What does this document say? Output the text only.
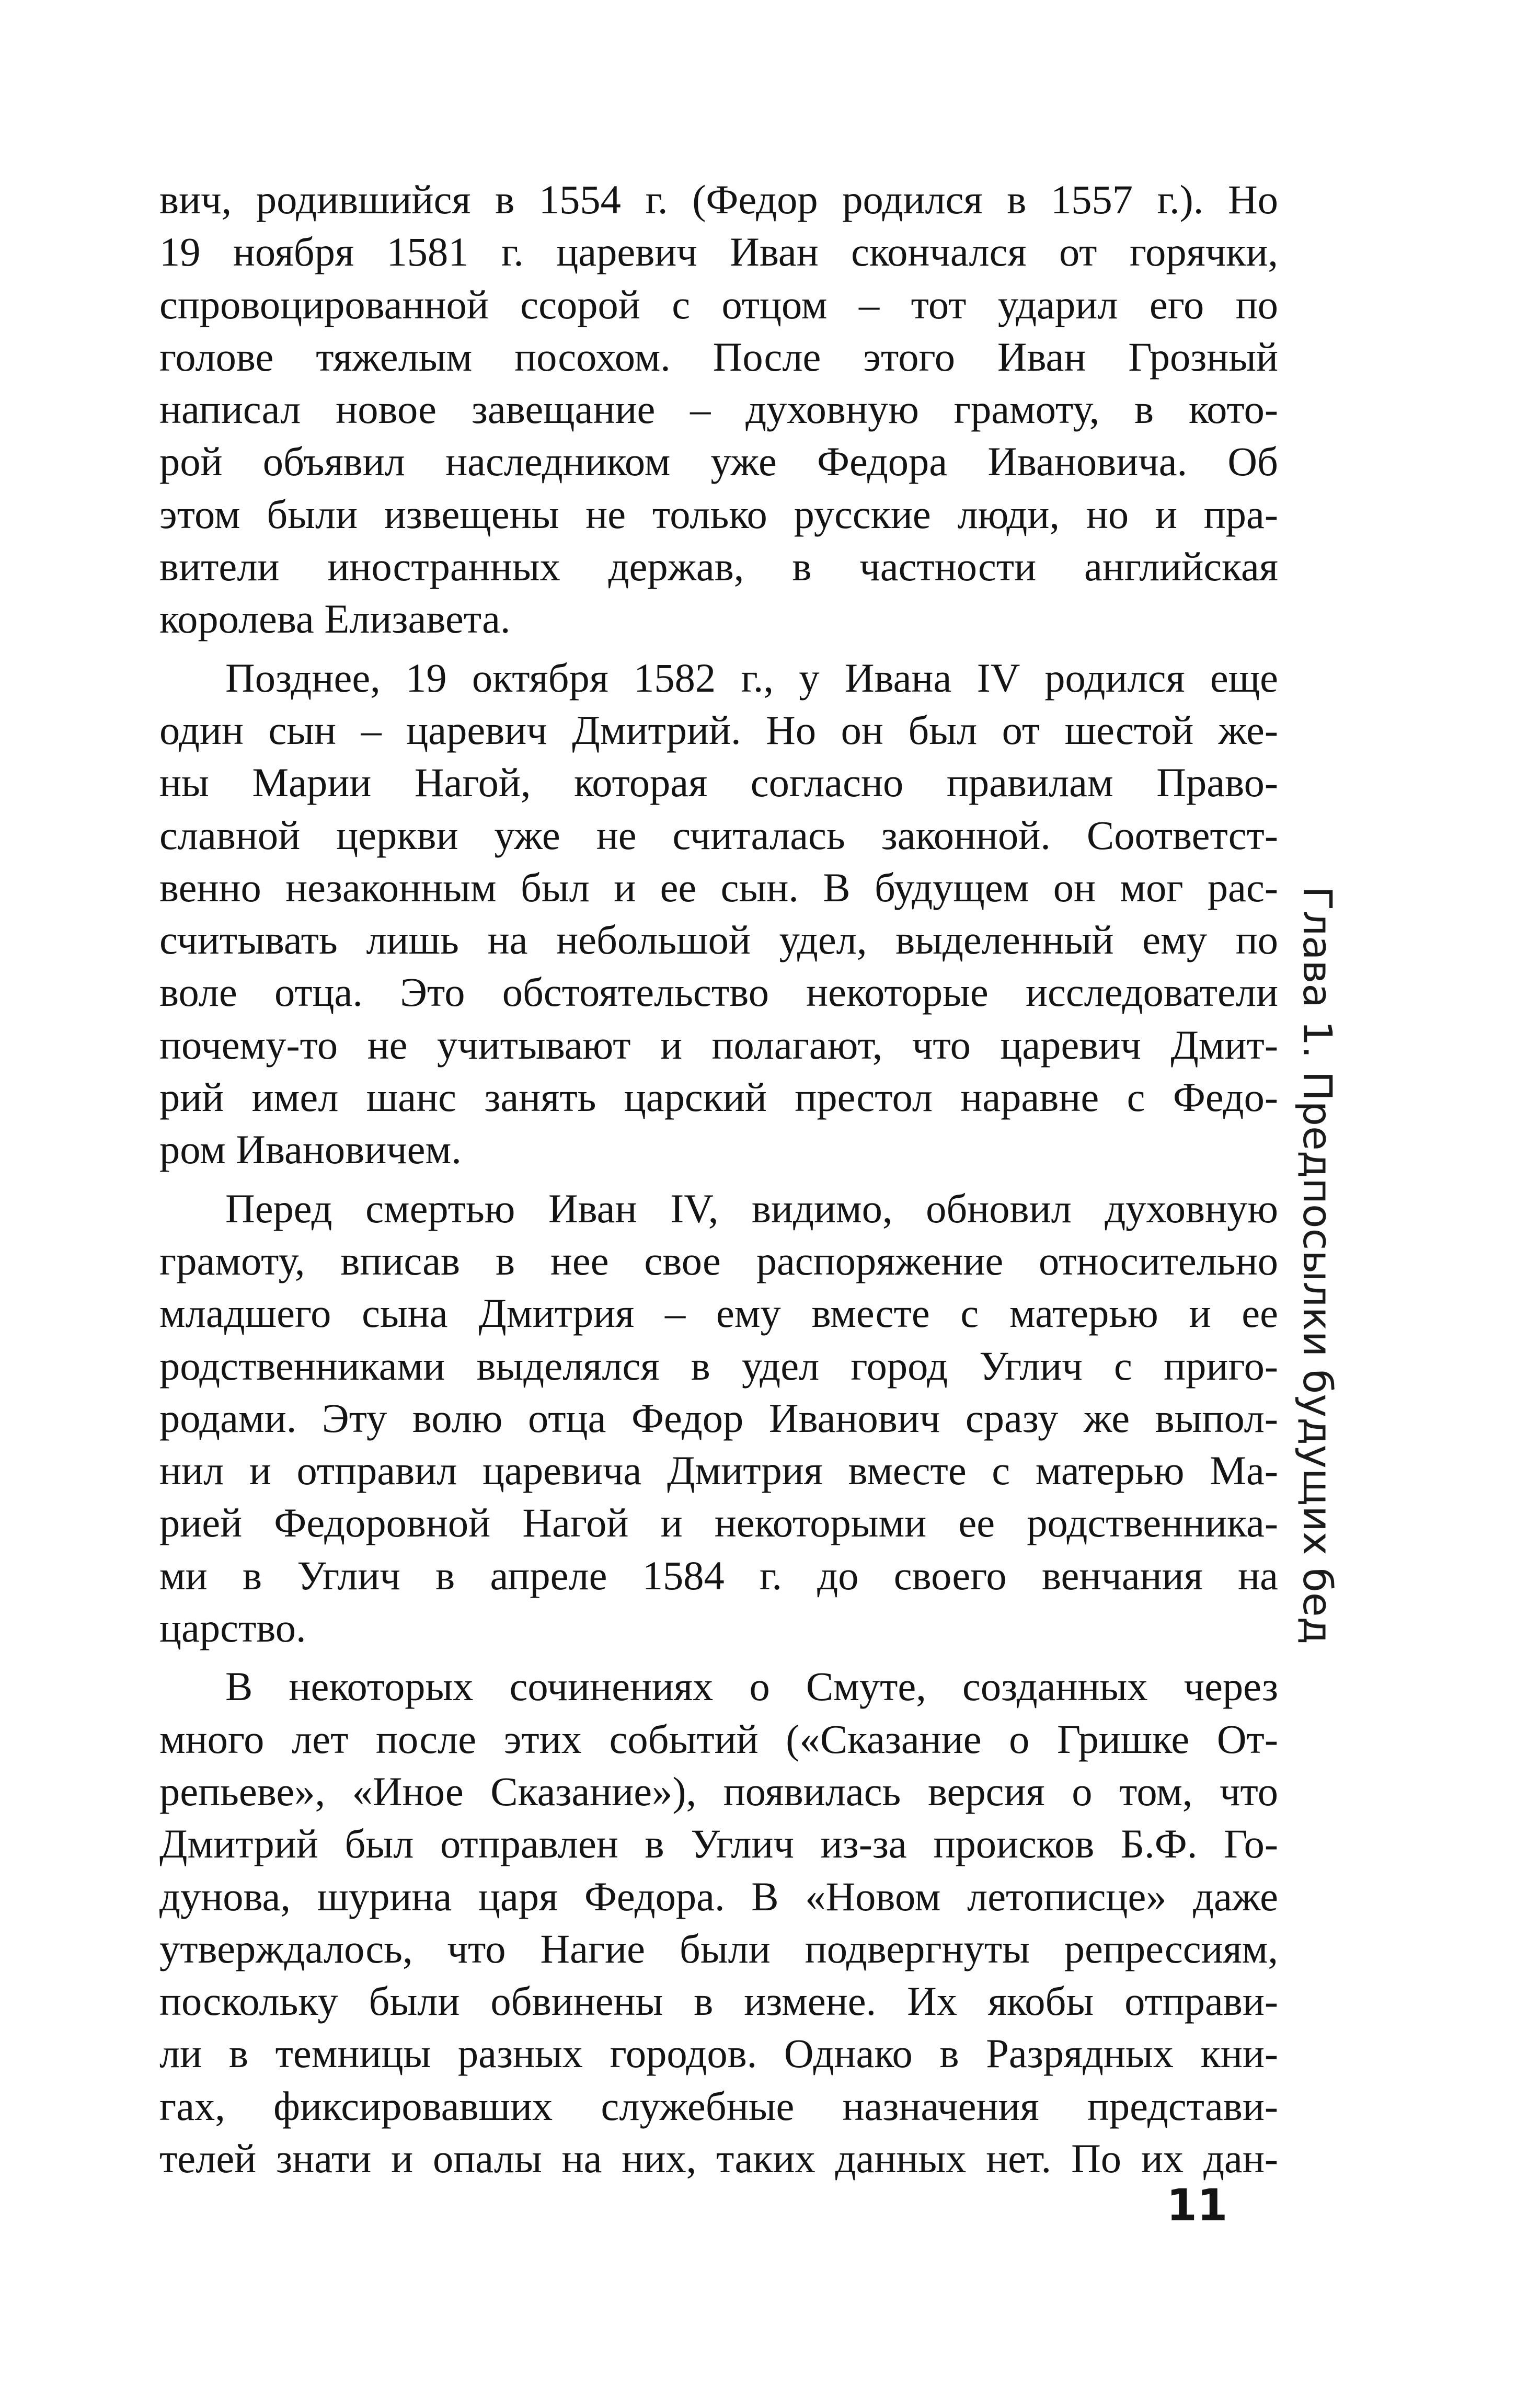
вич, родившийся в 1554 г. (Федор родился в 1557 г.). Но
19 ноября 1581 г. царевич Иван скончался от горячки,
спровоцированной ссорой с отцом – тот ударил его по
голове тяжелым посохом. После этого Иван Грозный
написал новое завещание – духовную грамоту, в кото-
рой объявил наследником уже Федора Ивановича. Об
этом были извещены не только русские люди, но и пра-
вители иностранных держав, в частности английская
королева Елизавета.
Позднее, 19 октября 1582 г., у Ивана IV родился еще
один сын – царевич Дмитрий. Но он был от шестой же-
ны Марии Нагой, которая согласно правилам Право-
славной церкви уже не считалась законной. Соответст-
венно незаконным был и ее сын. В будущем он мог рас-
считывать лишь на небольшой удел, выделенный ему по
воле отца. Это обстоятельство некоторые исследователи
почему-то не учитывают и полагают, что царевич Дмит-
рий имел шанс занять царский престол наравне с Федо-
ром Ивановичем.
Перед смертью Иван IV, видимо, обновил духовную
грамоту, вписав в нее свое распоряжение относительно
младшего сына Дмитрия – ему вместе с матерью и ее
родственниками выделялся в удел город Углич с приго-
родами. Эту волю отца Федор Иванович сразу же выпол-
нил и отправил царевича Дмитрия вместе с матерью Ма-
рией Федоровной Нагой и некоторыми ее родственника-
ми в Углич в апреле 1584 г. до своего венчания на
царство.
В некоторых сочинениях о Смуте, созданных через
много лет после этих событий («Сказание о Гришке От-
репьеве», «Иное Сказание»), появилась версия о том, что
Дмитрий был отправлен в Углич из-за происков Б.Ф. Го-
дунова, шурина царя Федора. В «Новом летописце» даже
утверждалось, что Нагие были подвергнуты репрессиям,
поскольку были обвинены в измене. Их якобы отправи-
ли в темницы разных городов. Однако в Разрядных кни-
гах, фиксировавших служебные назначения представи-
телей знати и опалы на них, таких данных нет. По их дан-
Глава 1. Предпосылки будущих бед
11
